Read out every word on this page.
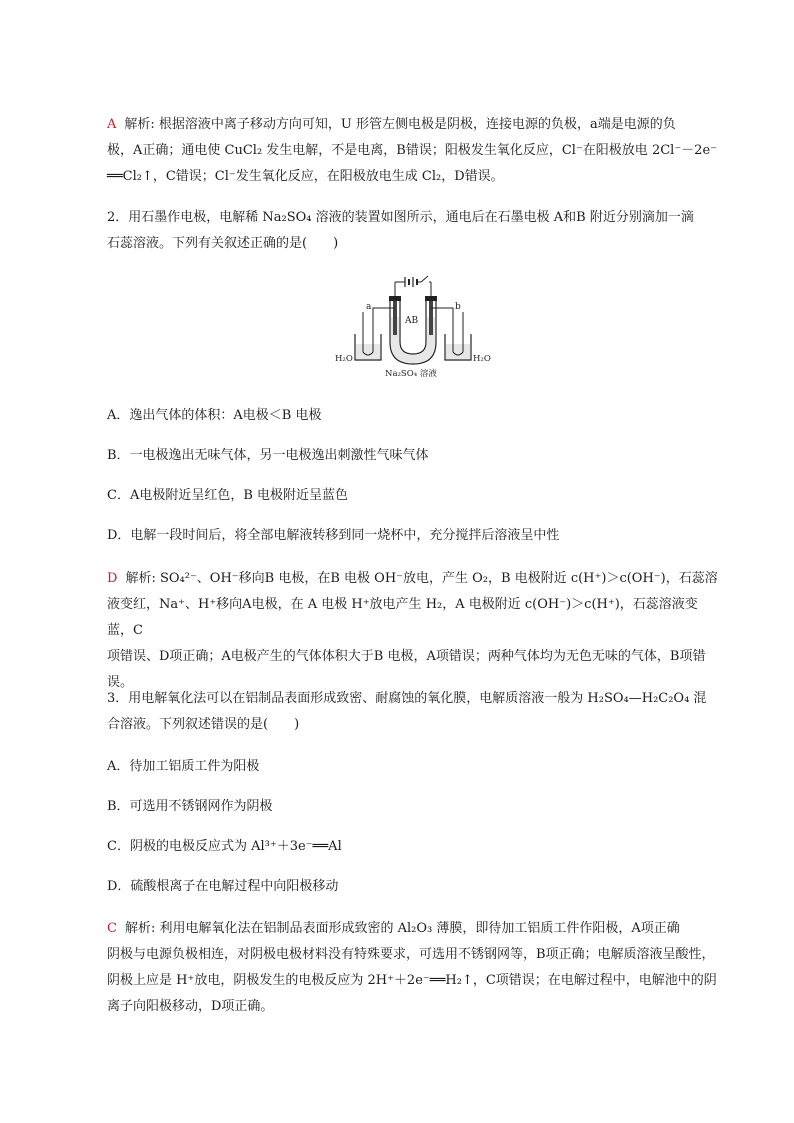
A 解析: 根据溶液中离子移动方向可知，U 形管左侧电极是阴极，连接电源的负极，a端是电源的负
极，A正确；通电使 CuCl₂ 发生电解，不是电离，B错误；阳极发生氧化反应，Cl⁻在阳极放电 2Cl⁻－2e⁻
══Cl₂↑，C错误；Cl⁻发生氧化反应，在阳极放电生成 Cl₂，D错误。
2．用石墨作电极，电解稀 Na₂SO₄ 溶液的装置如图所示，通电后在石墨电极 A和B 附近分别滴加一滴
石蕊溶液。下列有关叙述正确的是(　　)
a	b
AB
H₂O	H₂O
Na₂SO₄ 溶液
A．逸出气体的体积：A电极＜B 电极
B．一电极逸出无味气体，另一电极逸出刺激性气味气体
C．A电极附近呈红色，B 电极附近呈蓝色
D．电解一段时间后，将全部电解液转移到同一烧杯中，充分搅拌后溶液呈中性
D 解析: SO₄²⁻、OH⁻移向B 电极，在B 电极 OH⁻放电，产生 O₂，B 电极附近 c(H⁺)＞c(OH⁻)，石蕊溶
液变红，Na⁺、H⁺移向A电极，在 A 电极 H⁺放电产生 H₂，A 电极附近 c(OH⁻)＞c(H⁺)，石蕊溶液变蓝，C
项错误、D项正确；A电极产生的气体体积大于B 电极，A项错误；两种气体均为无色无味的气体，B项错
误。
3．用电解氧化法可以在铝制品表面形成致密、耐腐蚀的氧化膜，电解质溶液一般为 H₂SO₄—H₂C₂O₄ 混
合溶液。下列叙述错误的是(　　)
A．待加工铝质工件为阳极
B．可选用不锈钢网作为阴极
C．阴极的电极反应式为 Al³⁺＋3e⁻══Al
D．硫酸根离子在电解过程中向阳极移动
C 解析: 利用电解氧化法在铝制品表面形成致密的 Al₂O₃ 薄膜，即待加工铝质工件作阳极，A项正确
阴极与电源负极相连，对阴极电极材料没有特殊要求，可选用不锈钢网等，B项正确；电解质溶液呈酸性，
阴极上应是 H⁺放电，阴极发生的电极反应为 2H⁺＋2e⁻══H₂↑，C项错误；在电解过程中，电解池中的阴
离子向阳极移动，D项正确。
